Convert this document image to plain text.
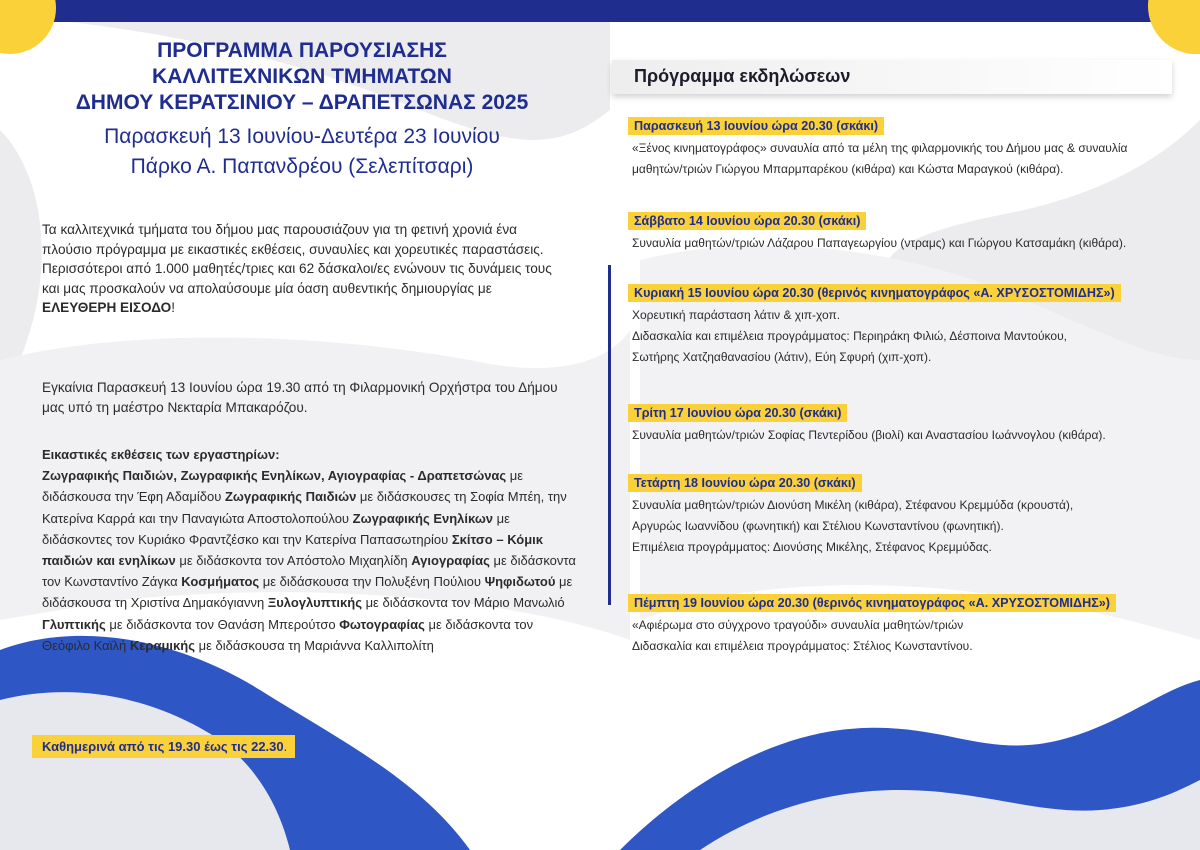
ΠΡΟΓΡΑΜΜΑ ΠΑΡΟΥΣΙΑΣΗΣ
ΚΑΛΛΙΤΕΧΝΙΚΩΝ ΤΜΗΜΑΤΩΝ
ΔΗΜΟΥ ΚΕΡΑΤΣΙΝΙΟΥ – ΔΡΑΠΕΤΣΩΝΑΣ 2025
Παρασκευή 13 Ιουνίου-Δευτέρα 23 Ιουνίου
Πάρκο Α. Παπανδρέου (Σελεπίτσαρι)

Τα καλλιτεχνικά τμήματα του δήμου μας παρουσιάζουν για τη φετινή χρονιά ένα πλούσιο πρόγραμμα με εικαστικές εκθέσεις, συναυλίες και χορευτικές παραστάσεις.

Περισσότεροι από 1.000 μαθητές/τριες και 62 δάσκαλοι/ες ενώνουν τις δυνάμεις τους και μας προσκαλούν να απολαύσουμε μία όαση αυθεντικής δημιουργίας με ΕΛΕΥΘΕΡΗ ΕΙΣΟΔΟ!

Εγκαίνια Παρασκευή 13 Ιουνίου ώρα 19.30 από τη Φιλαρμονική Ορχήστρα του Δήμου μας υπό τη μαέστρο Νεκταρία Μπακαρόζου.
Εικαστικές εκθέσεις των εργαστηρίων:
Ζωγραφικής Παιδιών, Ζωγραφικής Ενηλίκων, Αγιογραφίας - Δραπετσώνας με διδάσκουσα την Έφη Αδαμίδου Ζωγραφικής Παιδιών με διδάσκουσες τη Σοφία Μπέη, την Κατερίνα Καρρά και την Παναγιώτα Αποστολοπούλου Ζωγραφικής Ενηλίκων με διδάσκοντες τον Κυριάκο Φραντζέσκο και την Κατερίνα Παπασωτηρίου Σκίτσο – Κόμικ παιδιών και ενηλίκων με διδάσκοντα τον Απόστολο Μιχαηλίδη Αγιογραφίας με διδάσκοντα τον Κωνσταντίνο Ζάγκα Κοσμήματος με διδάσκουσα την Πολυξένη Πούλιου Ψηφιδωτού με διδάσκουσα τη Χριστίνα Δημακόγιαννη Ξυλογλυπτικής με διδάσκοντα τον Μάριο Μανωλιό Γλυπτικής με διδάσκοντα τον Θανάση Μπερούτσο Φωτογραφίας με διδάσκοντα τον Θεόφιλο Καϊλή Κεραμικής με διδάσκουσα τη Μαριάννα Καλλιπολίτη
Καθημερινά από τις 19.30 έως τις 22.30.
Πρόγραμμα εκδηλώσεων
Παρασκευή 13 Ιουνίου ώρα 20.30 (σκάκι)
«Ξένος κινηματογράφος» συναυλία από τα μέλη της φιλαρμονικής του Δήμου μας & συναυλία
μαθητών/τριών Γιώργου Μπαρμπαρέκου (κιθάρα) και Κώστα Μαραγκού (κιθάρα).
Σάββατο 14 Ιουνίου ώρα 20.30 (σκάκι)
Συναυλία μαθητών/τριών Λάζαρου Παπαγεωργίου (ντραμς) και Γιώργου Κατσαμάκη (κιθάρα).
Κυριακή 15 Ιουνίου ώρα 20.30 (θερινός κινηματογράφος «Α. ΧΡΥΣΟΣΤΟΜΙΔΗΣ»)
Χορευτική παράσταση λάτιν & χιπ-χοπ.
Διδασκαλία και επιμέλεια προγράμματος: Περιηράκη Φιλιώ, Δέσποινα Μαντούκου,
Σωτήρης Χατζηαθανασίου (λάτιν), Εύη Σφυρή (χιπ-χοπ).
Τρίτη 17 Ιουνίου ώρα 20.30 (σκάκι)
Συναυλία μαθητών/τριών Σοφίας Πεντερίδου (βιολί) και Αναστασίου Ιωάννογλου (κιθάρα).
Τετάρτη 18 Ιουνίου ώρα 20.30 (σκάκι)
Συναυλία μαθητών/τριών Διονύση Μικέλη (κιθάρα), Στέφανου Κρεμμύδα (κρουστά),
Αργυρώς Ιωαννίδου (φωνητική) και Στέλιου Κωνσταντίνου (φωνητική).
Επιμέλεια προγράμματος: Διονύσης Μικέλης, Στέφανος Κρεμμύδας.
Πέμπτη 19 Ιουνίου ώρα 20.30 (θερινός κινηματογράφος «Α. ΧΡΥΣΟΣΤΟΜΙΔΗΣ»)
«Αφιέρωμα στο σύγχρονο τραγούδι» συναυλία μαθητών/τριών
Διδασκαλία και επιμέλεια προγράμματος: Στέλιος Κωνσταντίνου.
